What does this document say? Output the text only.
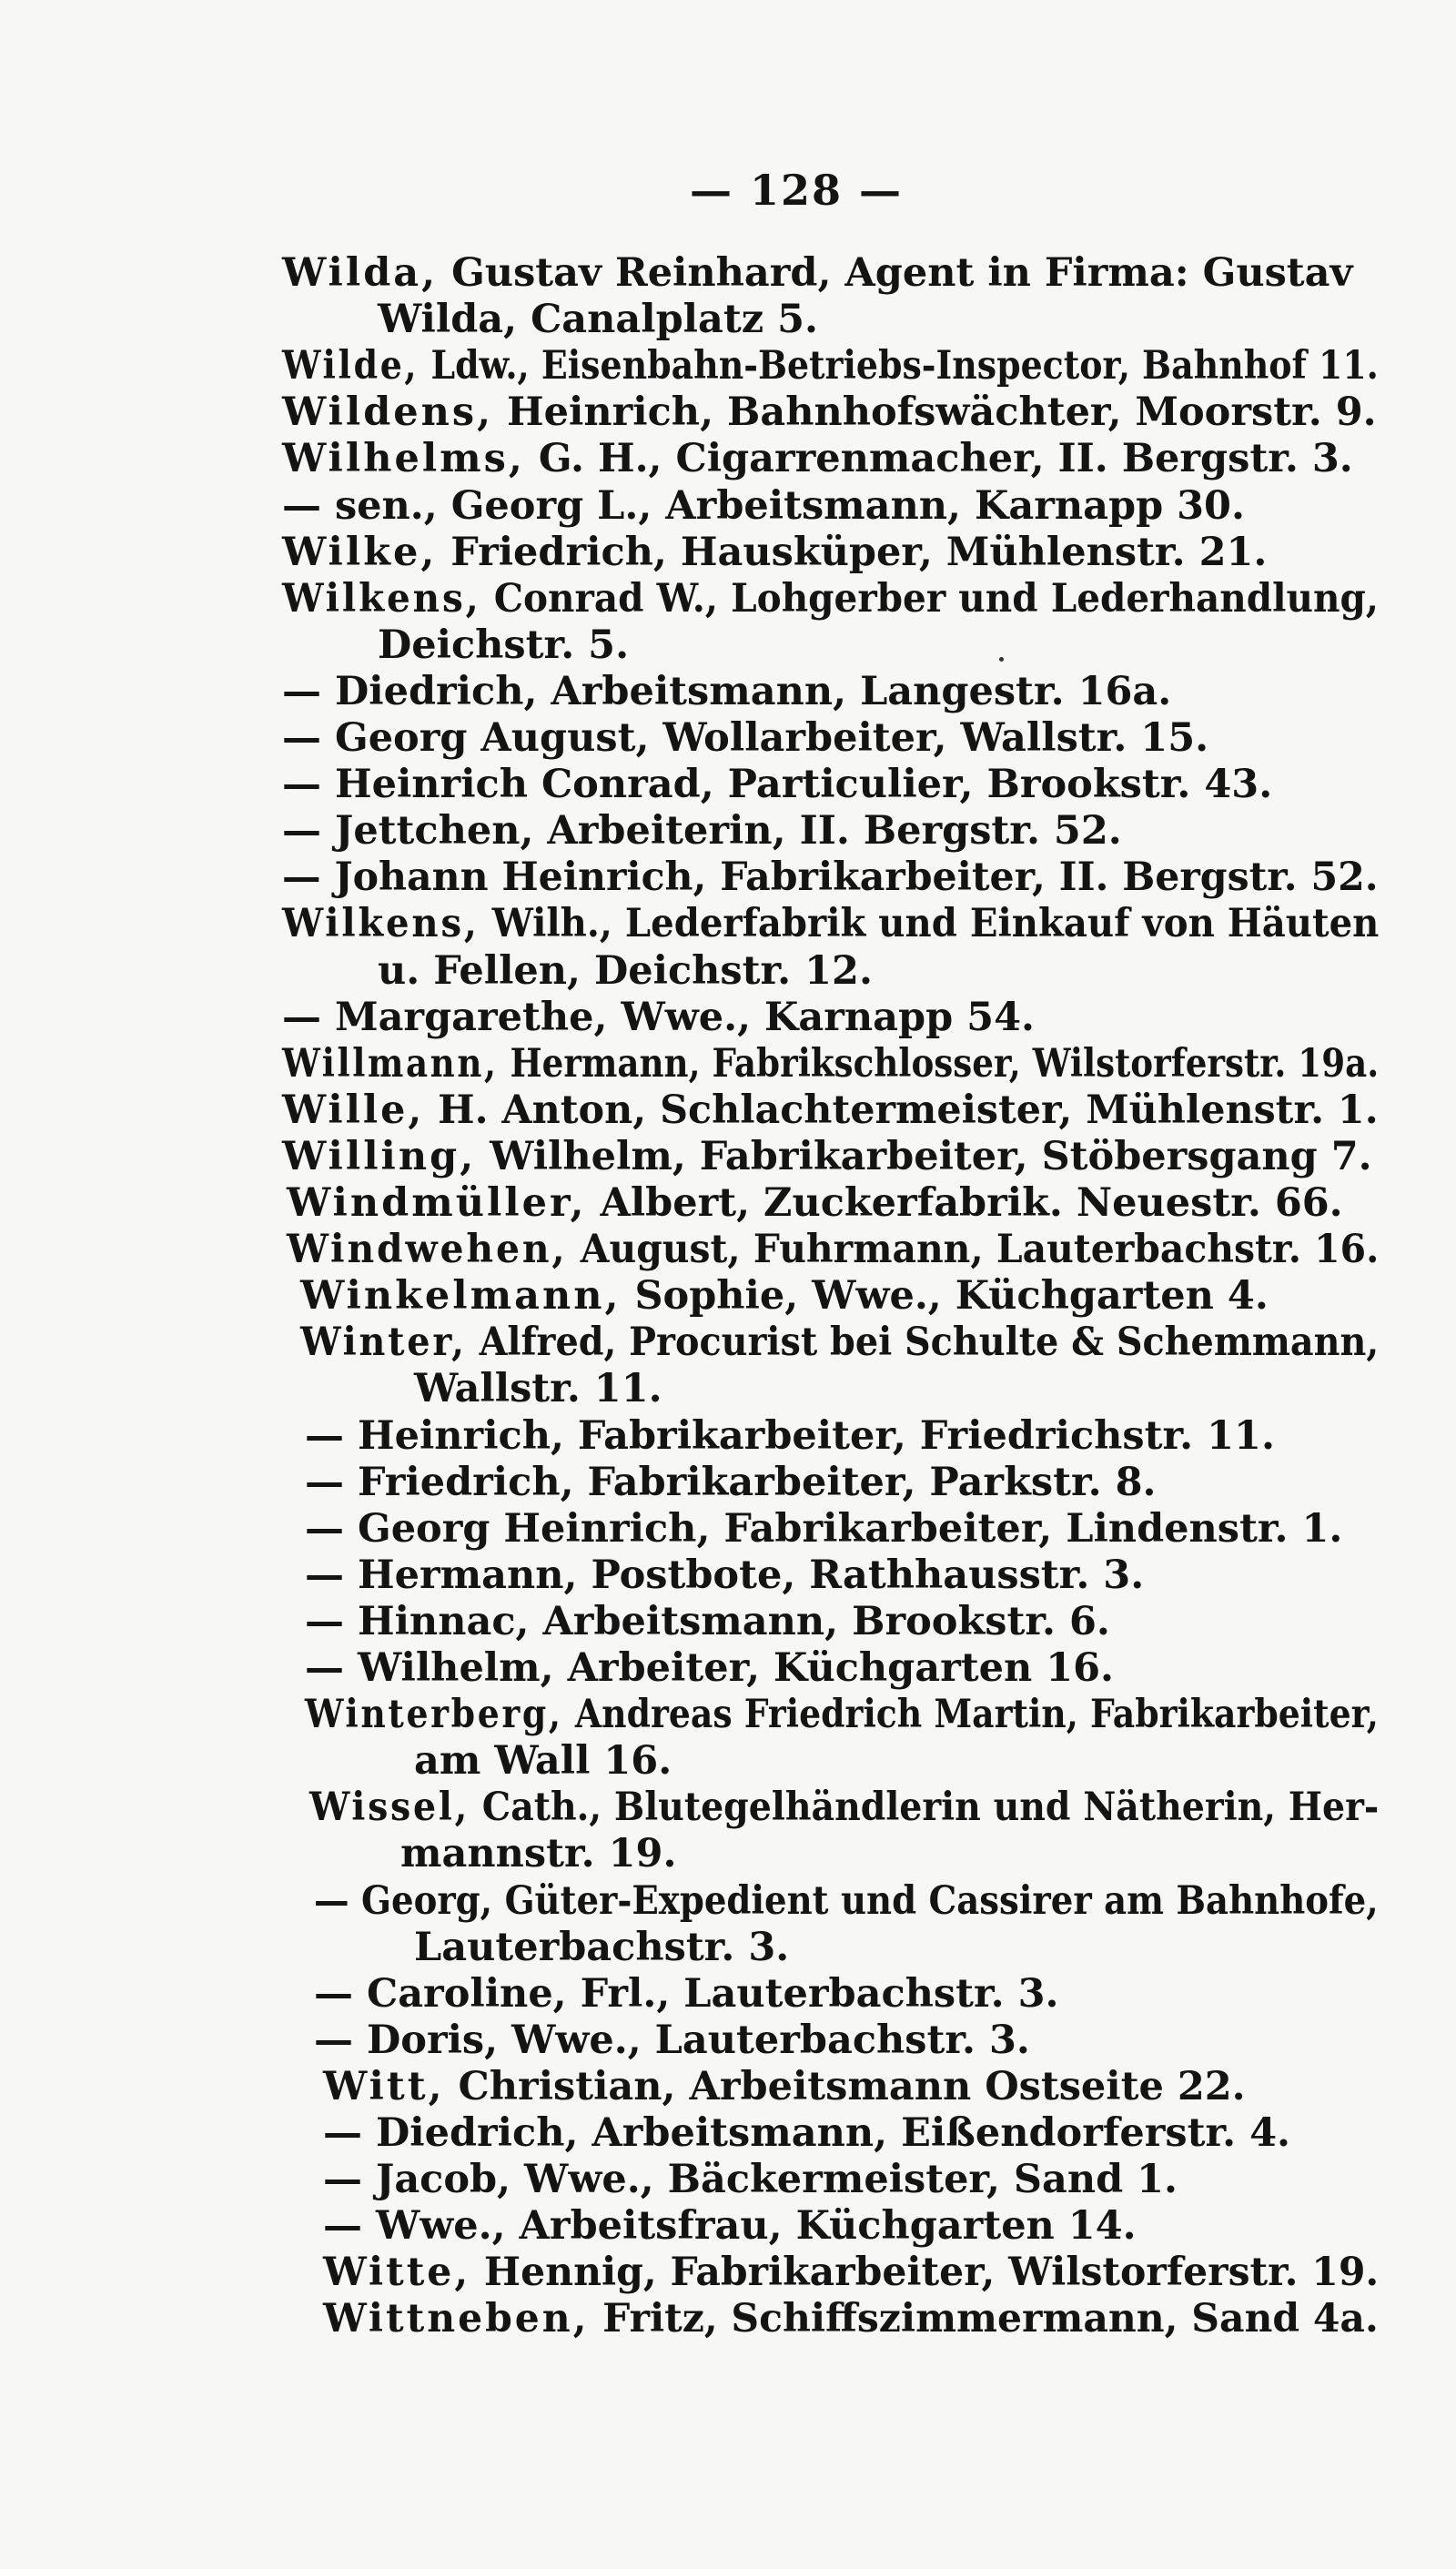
— 128 —
Wilda, Gustav Reinhard, Agent in Firma: Gustav
Wilda, Canalplatz 5.
Wilde, Ldw., Eisenbahn-Betriebs-Inspector, Bahnhof 11.
Wildens, Heinrich, Bahnhofswächter, Moorstr. 9.
Wilhelms, G. H., Cigarrenmacher, II. Bergstr. 3.
— sen., Georg L., Arbeitsmann, Karnapp 30.
Wilke, Friedrich, Hausküper, Mühlenstr. 21.
Wilkens, Conrad W., Lohgerber und Lederhandlung,
Deichstr. 5.
— Diedrich, Arbeitsmann, Langestr. 16a.
— Georg August, Wollarbeiter, Wallstr. 15.
— Heinrich Conrad, Particulier, Brookstr. 43.
— Jettchen, Arbeiterin, II. Bergstr. 52.
— Johann Heinrich, Fabrikarbeiter, II. Bergstr. 52.
Wilkens, Wilh., Lederfabrik und Einkauf von Häuten
u. Fellen, Deichstr. 12.
— Margarethe, Wwe., Karnapp 54.
Willmann, Hermann, Fabrikschlosser, Wilstorferstr. 19a.
Wille, H. Anton, Schlachtermeister, Mühlenstr. 1.
Willing, Wilhelm, Fabrikarbeiter, Stöbersgang 7.
Windmüller, Albert, Zuckerfabrik. Neuestr. 66.
Windwehen, August, Fuhrmann, Lauterbachstr. 16.
Winkelmann, Sophie, Wwe., Küchgarten 4.
Winter, Alfred, Procurist bei Schulte & Schemmann,
Wallstr. 11.
— Heinrich, Fabrikarbeiter, Friedrichstr. 11.
— Friedrich, Fabrikarbeiter, Parkstr. 8.
— Georg Heinrich, Fabrikarbeiter, Lindenstr. 1.
— Hermann, Postbote, Rathhausstr. 3.
— Hinnac, Arbeitsmann, Brookstr. 6.
— Wilhelm, Arbeiter, Küchgarten 16.
Winterberg, Andreas Friedrich Martin, Fabrikarbeiter,
am Wall 16.
Wissel, Cath., Blutegelhändlerin und Nätherin, Her-
mannstr. 19.
— Georg, Güter-Expedient und Cassirer am Bahnhofe,
Lauterbachstr. 3.
— Caroline, Frl., Lauterbachstr. 3.
— Doris, Wwe., Lauterbachstr. 3.
Witt, Christian, Arbeitsmann Ostseite 22.
— Diedrich, Arbeitsmann, Eißendorferstr. 4.
— Jacob, Wwe., Bäckermeister, Sand 1.
— Wwe., Arbeitsfrau, Küchgarten 14.
Witte, Hennig, Fabrikarbeiter, Wilstorferstr. 19.
Wittneben, Fritz, Schiffszimmermann, Sand 4a.
